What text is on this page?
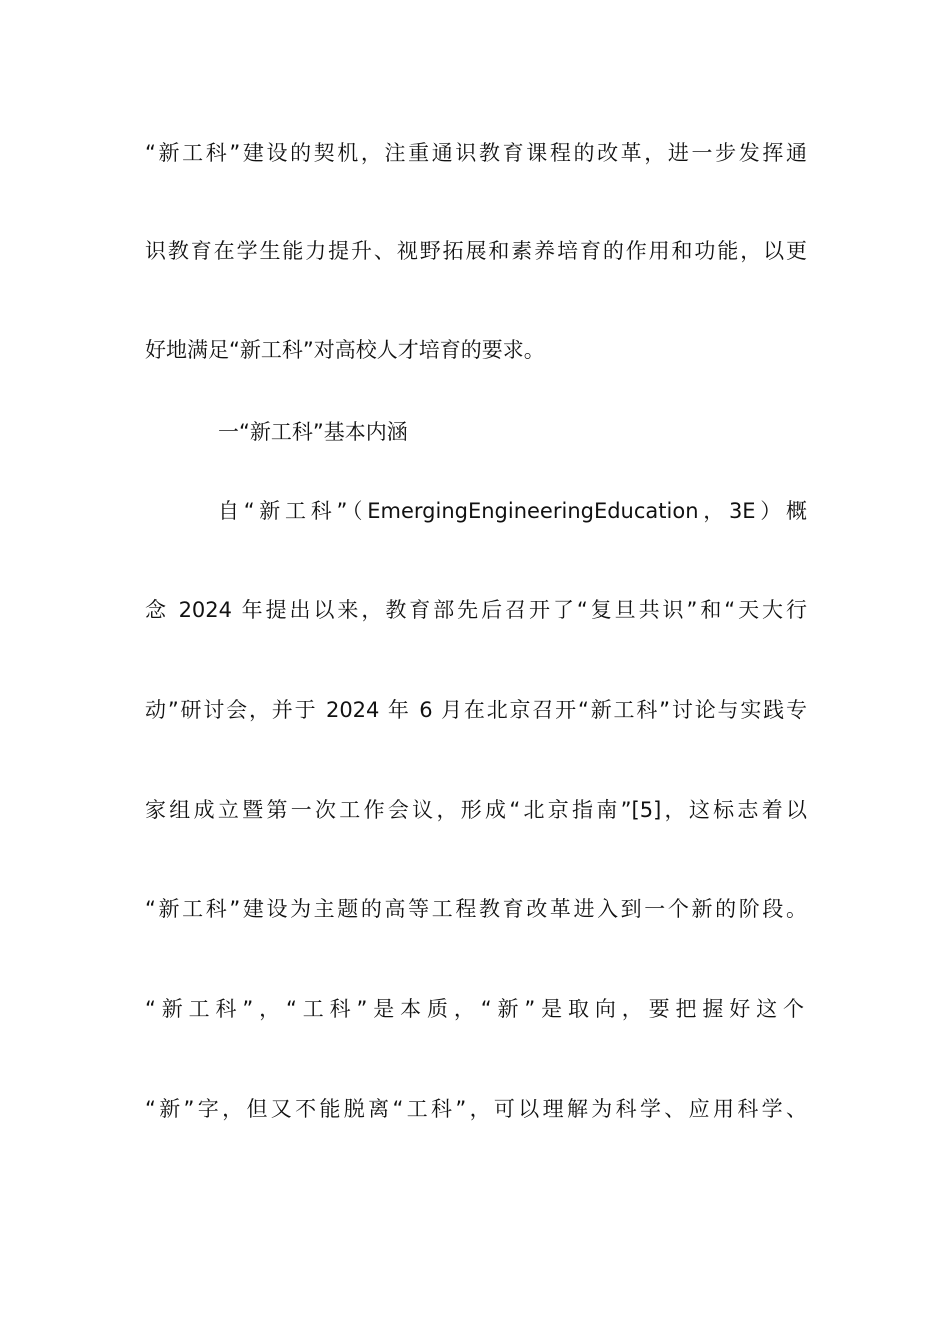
“新工科”建设的契机，注重通识教育课程的改革，进一步发挥通
识教育在学生能力提升、视野拓展和素养培育的作用和功能，以更
好地满足“新工科”对高校人才培育的要求。
一“新工科”基本内涵
自“新工科”（EmergingEngineeringEducation，3E）概
念 2024 年提出以来，教育部先后召开了“复旦共识”和“天大行
动”研讨会，并于 2024 年 6 月在北京召开“新工科”讨论与实践专
家组成立暨第一次工作会议，形成“北京指南”[5]，这标志着以
“新工科”建设为主题的高等工程教育改革进入到一个新的阶段。
“新工科”，“工科”是本质，“新”是取向，要把握好这个
“新”字，但又不能脱离“工科”，可以理解为科学、应用科学、
